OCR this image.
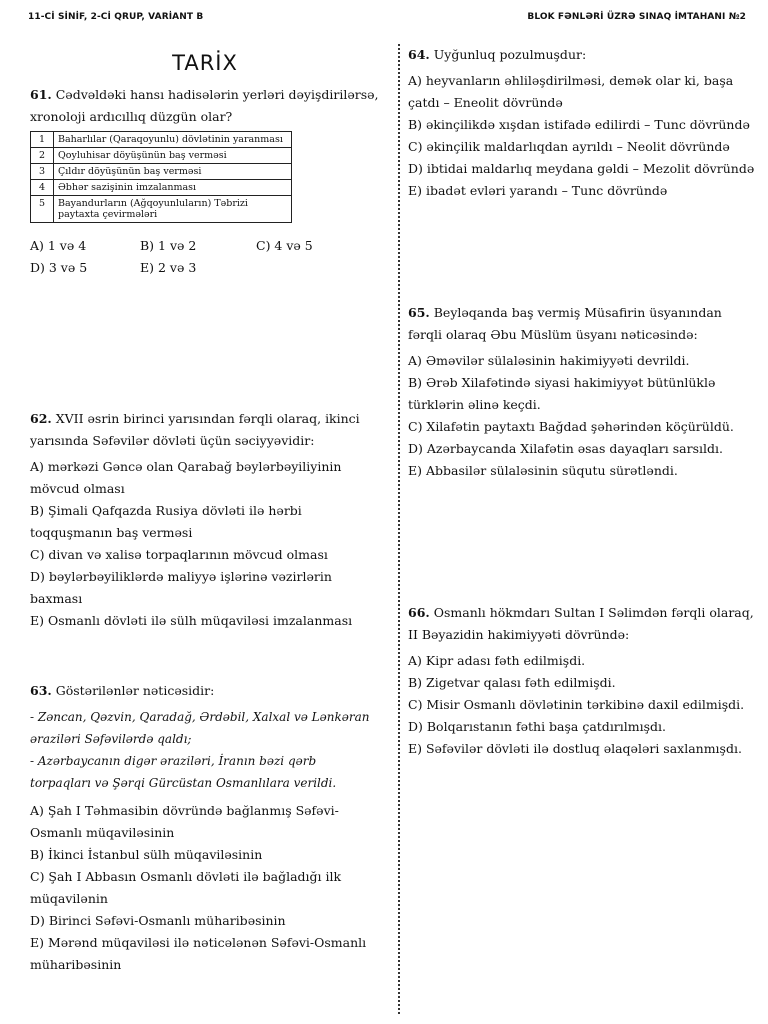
11-Cİ SİNİF, 2-Cİ QRUP, VARİANT B	BLOK FƏNLƏRİ ÜZRƏ SINAQ İMTAHANI №2
TARİX

61. Cədvəldəki hansı hadisələrin yerləri dəyişdirilərsə, xronoloji ardıcıllıq düzgün olar?

1	Baharlılar (Qaraqoyunlu) dövlətinin yaranması
2	Qoyluhisar döyüşünün baş verməsi
3	Çıldır döyüşünün baş verməsi
4	Əbhər sazişinin imzalanması
5	Bayandurların (Ağqoyunluların) Təbrizi paytaxta çevirmələri
A) 1 və 4	B) 1 və 2	C) 4 və 5
D) 3 və 5	E) 2 və 3

62. XVII əsrin birinci yarısından fərqli olaraq, ikinci yarısında Səfəvilər dövləti üçün səciyyəvidir:

A) mərkəzi Gəncə olan Qarabağ bəylərbəyiliyinin mövcud olması

B) Şimali Qafqazda Rusiya dövləti ilə hərbi toqquşmanın baş verməsi

C) divan və xalisə torpaqlarının mövcud olması

D) bəylərbəyiliklərdə maliyyə işlərinə vəzirlərin baxması

E) Osmanlı dövləti ilə sülh müqaviləsi imzalanması

63. Göstərilənlər nəticəsidir:

- Zəncan, Qəzvin, Qaradağ, Ərdəbil, Xalxal və Lənkəran əraziləri Səfəvilərdə qaldı;

- Azərbaycanın digər əraziləri, İranın bəzi qərb torpaqları və Şərqi Gürcüstan Osmanlılara verildi.

A) Şah I Təhmasibin dövründə bağlanmış Səfəvi-Osmanlı müqaviləsinin

B) İkinci İstanbul sülh müqaviləsinin

C) Şah I Abbasın Osmanlı dövləti ilə bağladığı ilk müqavilənin

D) Birinci Səfəvi-Osmanlı müharibəsinin

E) Mərənd müqaviləsi ilə nəticələnən Səfəvi-Osmanlı müharibəsinin

64. Uyğunluq pozulmuşdur:

A) heyvanların əhliləşdirilməsi, demək olar ki, başa çatdı – Eneolit dövründə

B) əkinçilikdə xışdan istifadə edilirdi – Tunc dövründə

C) əkinçilik maldarlıqdan ayrıldı – Neolit dövründə

D) ibtidai maldarlıq meydana gəldi – Mezolit dövründə

E) ibadət evləri yarandı – Tunc dövründə

65. Beyləqanda baş vermiş Müsafirin üsyanından fərqli olaraq Əbu Müslüm üsyanı nəticəsində:

A) Əməvilər sülaləsinin hakimiyyəti devrildi.

B) Ərəb Xilafətində siyasi hakimiyyət bütünlüklə türklərin əlinə keçdi.

C) Xilafətin paytaxtı Bağdad şəhərindən köçürüldü.

D) Azərbaycanda Xilafətin əsas dayaqları sarsıldı.

E) Abbasilər sülaləsinin süqutu sürətləndi.

66. Osmanlı hökmdarı Sultan I Səlimdən fərqli olaraq, II Bəyazidin hakimiyyəti dövründə:

A) Kipr adası fəth edilmişdi.

B) Zigetvar qalası fəth edilmişdi.

C) Misir Osmanlı dövlətinin tərkibinə daxil edilmişdi.

D) Bolqarıstanın fəthi başa çatdırılmışdı.

E) Səfəvilər dövləti ilə dostluq əlaqələri saxlanmışdı.
